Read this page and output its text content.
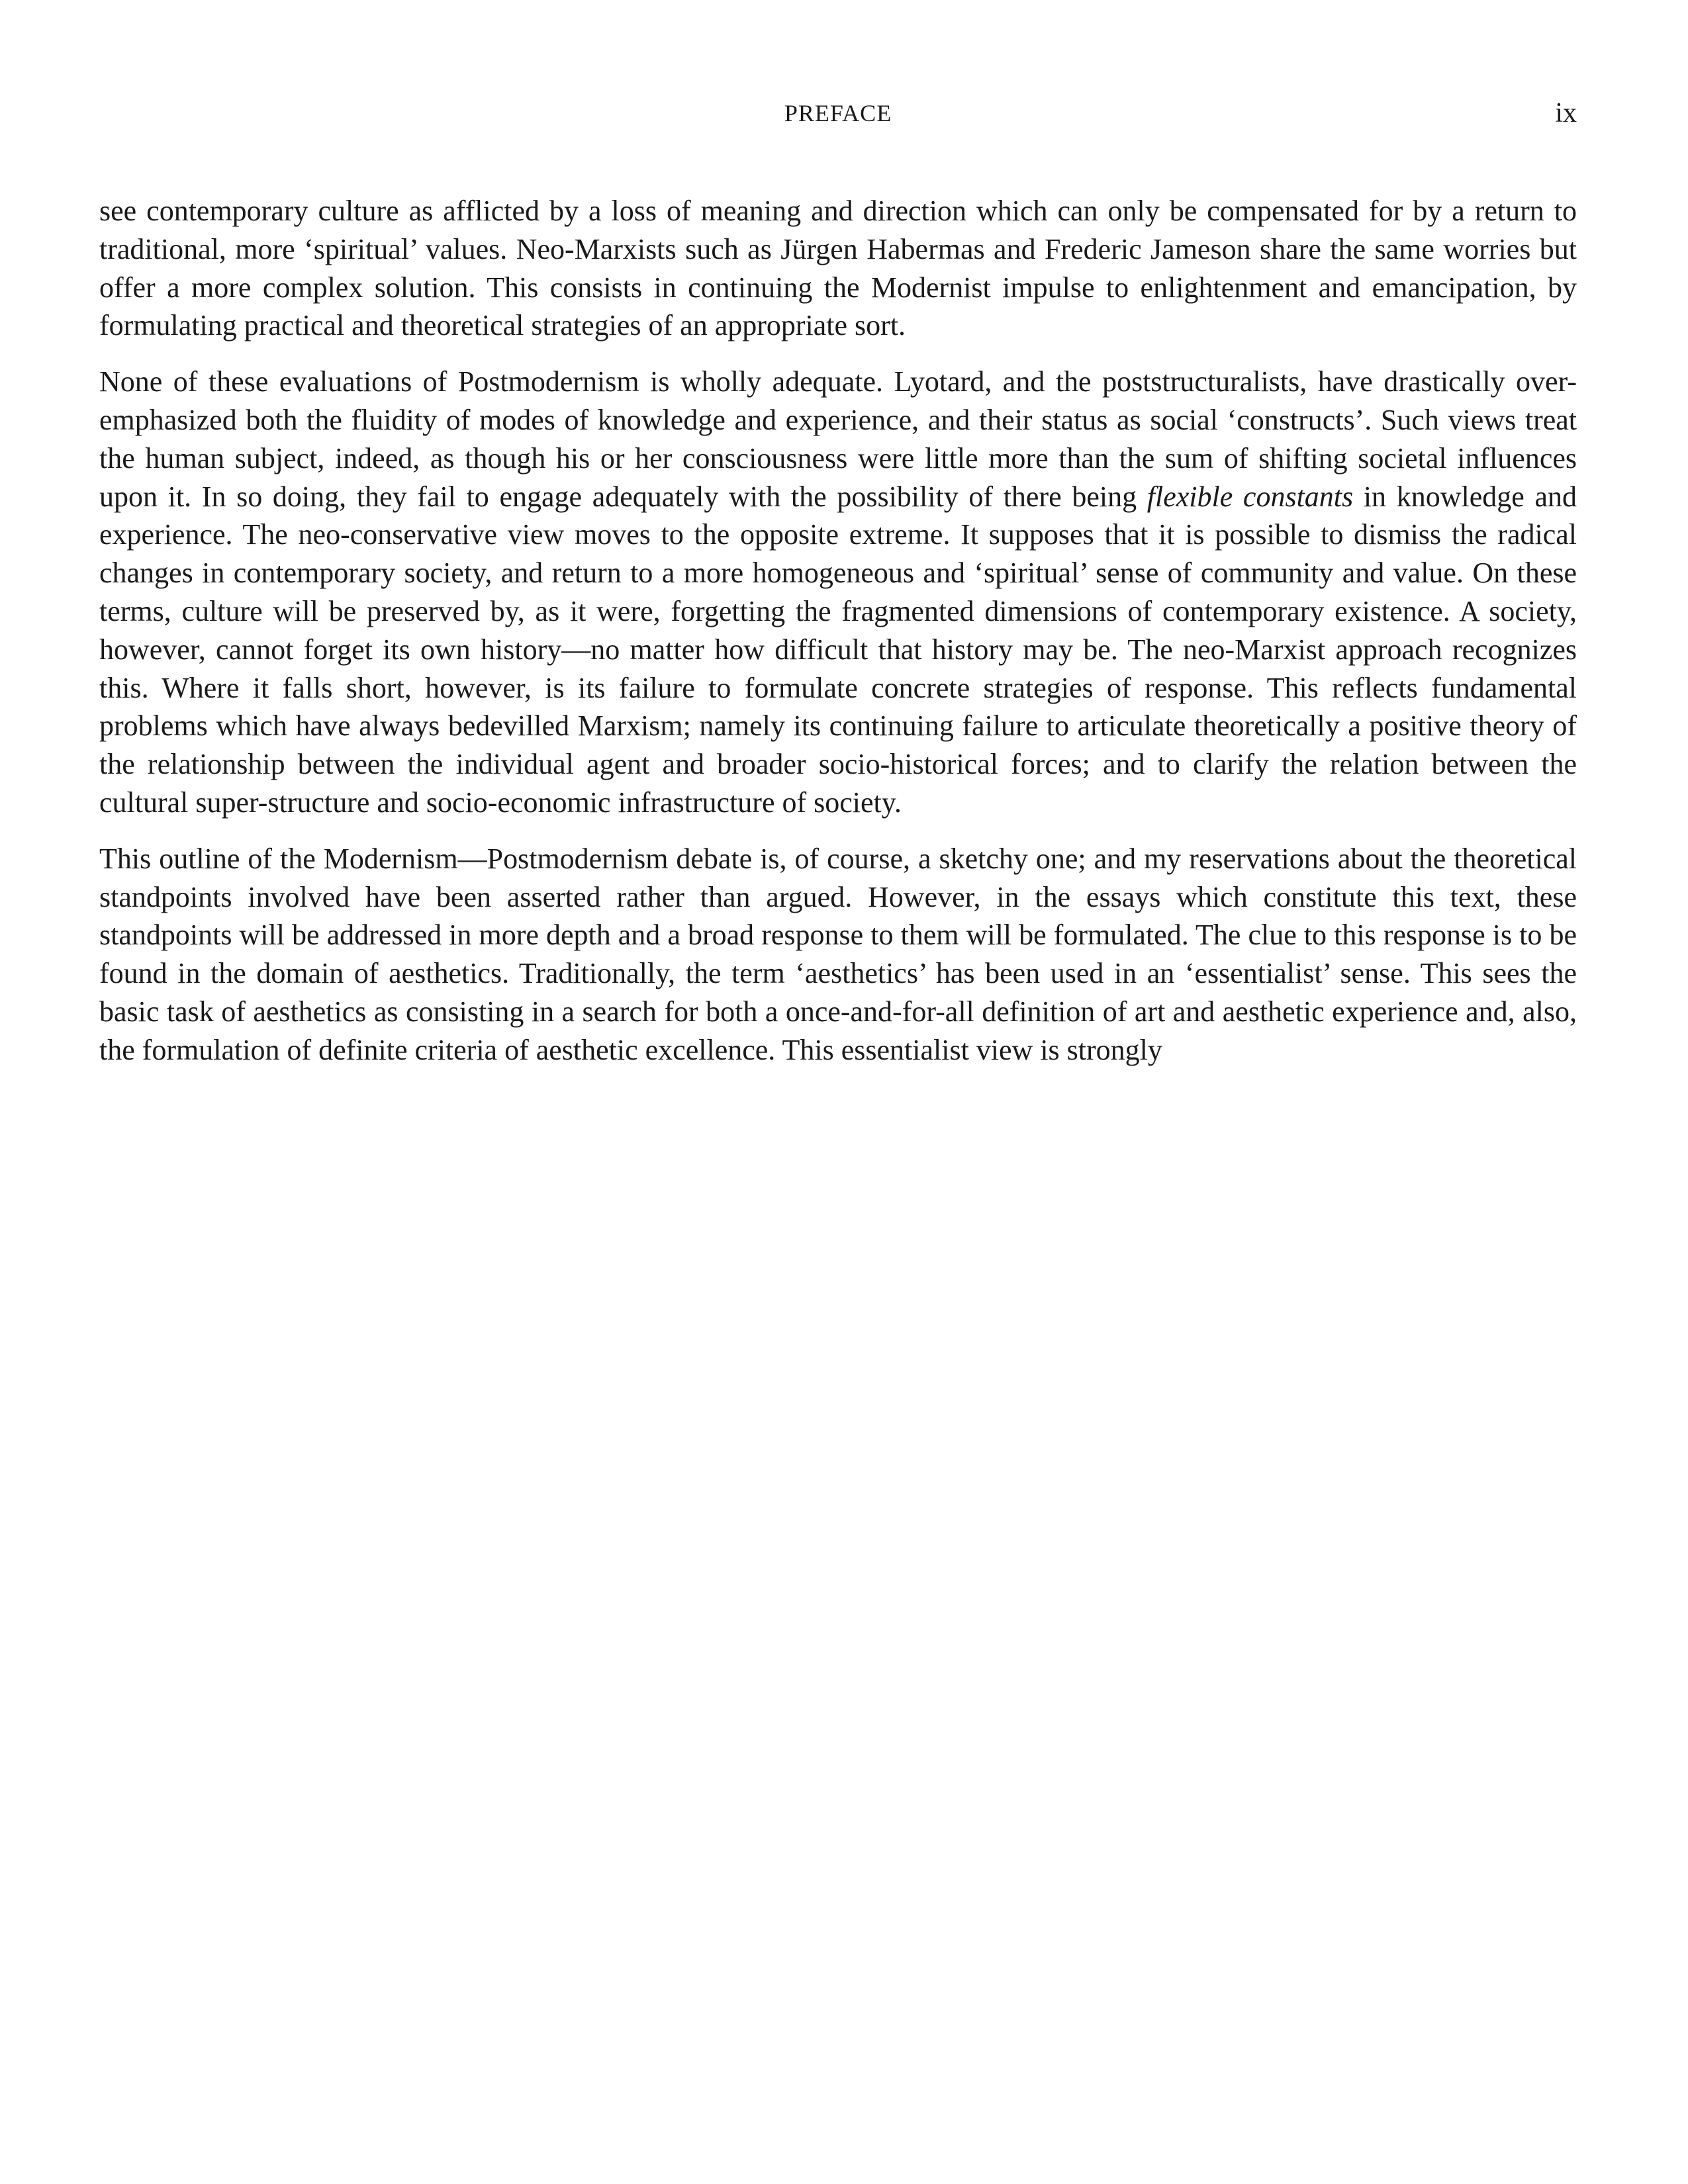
PREFACE	ix

see contemporary culture as afflicted by a loss of meaning and direction which can only be compensated for by a return to traditional, more ‘spiritual’ values. Neo-Marxists such as Jürgen Habermas and Frederic Jameson share the same worries but offer a more complex solution. This consists in continuing the Modernist impulse to enlightenment and emancipation, by formulating practical and theoretical strategies of an appropriate sort.

None of these evaluations of Postmodernism is wholly adequate. Lyotard, and the poststructuralists, have drastically over-emphasized both the fluidity of modes of knowledge and experience, and their status as social ‘constructs’. Such views treat the human subject, indeed, as though his or her consciousness were little more than the sum of shifting societal influences upon it. In so doing, they fail to engage adequately with the possibility of there being flexible constants in knowledge and experience. The neo-conservative view moves to the opposite extreme. It supposes that it is possible to dismiss the radical changes in contemporary society, and return to a more homogeneous and ‘spiritual’ sense of community and value. On these terms, culture will be preserved by, as it were, forgetting the fragmented dimensions of contemporary existence. A society, however, cannot forget its own history—no matter how difficult that history may be. The neo-Marxist approach recognizes this. Where it falls short, however, is its failure to formulate concrete strategies of response. This reflects fundamental problems which have always bedevilled Marxism; namely its continuing failure to articulate theoretically a positive theory of the relationship between the individual agent and broader socio-historical forces; and to clarify the relation between the cultural super-structure and socio-economic infrastructure of society.

This outline of the Modernism—Postmodernism debate is, of course, a sketchy one; and my reservations about the theoretical standpoints involved have been asserted rather than argued. However, in the essays which constitute this text, these standpoints will be addressed in more depth and a broad response to them will be formulated. The clue to this response is to be found in the domain of aesthetics. Traditionally, the term ‘aesthetics’ has been used in an ‘essentialist’ sense. This sees the basic task of aesthetics as consisting in a search for both a once-and-for-all definition of art and aesthetic experience and, also, the formulation of definite criteria of aesthetic excellence. This essentialist view is strongly
